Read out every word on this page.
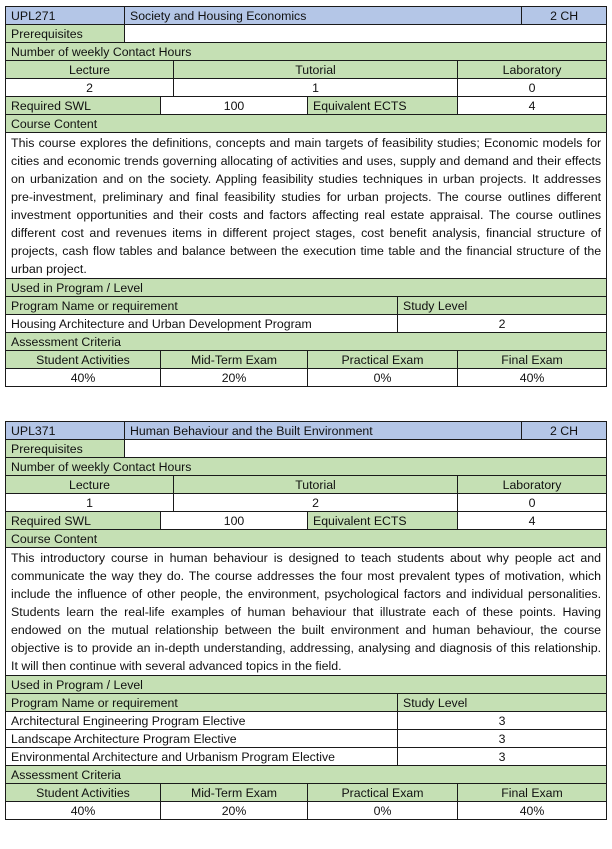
UPL271	Society and Housing Economics						2 CH
Prerequisites							
Number of weekly Contact Hours							
Lecture			Tutorial			Laboratory	
2			1			0	
Required SWL		100		Equivalent ECTS		4	
Course Content							
This course explores the definitions, concepts and main targets of feasibility studies; Economic models for cities and economic trends governing allocating of activities and uses, supply and demand and their effects on urbanization and on the society. Appling feasibility studies techniques in urban projects. It addresses pre-investment, preliminary and final feasibility studies for urban projects. The course outlines different investment opportunities and their costs and factors affecting real estate appraisal. The course outlines different cost and revenues items in different project stages, cost benefit analysis, financial structure of projects, cash flow tables and balance between the execution time table and the financial structure of the urban project.							
Used in Program / Level							
Program Name or requirement					Study Level		
Housing Architecture and Urban Development Program					2		
Assessment Criteria							
Student Activities		Mid-Term Exam		Practical Exam		Final Exam	
40%		20%		0%		40%	
UPL371	Human Behaviour and the Built Environment						2 CH
Prerequisites							
Number of weekly Contact Hours							
Lecture			Tutorial			Laboratory	
1			2			0	
Required SWL		100		Equivalent ECTS		4	
Course Content							
This introductory course in human behaviour is designed to teach students about why people act and communicate the way they do. The course addresses the four most prevalent types of motivation, which include the influence of other people, the environment, psychological factors and individual personalities. Students learn the real-life examples of human behaviour that illustrate each of these points. Having endowed on the mutual relationship between the built environment and human behaviour, the course objective is to provide an in-depth understanding, addressing, analysing and diagnosis of this relationship. It will then continue with several advanced topics in the field.							
Used in Program / Level							
Program Name or requirement					Study Level		
Architectural Engineering Program Elective					3		
Landscape Architecture Program Elective					3		
Environmental Architecture and Urbanism Program Elective					3		
Assessment Criteria							
Student Activities		Mid-Term Exam		Practical Exam		Final Exam	
40%		20%		0%		40%	
